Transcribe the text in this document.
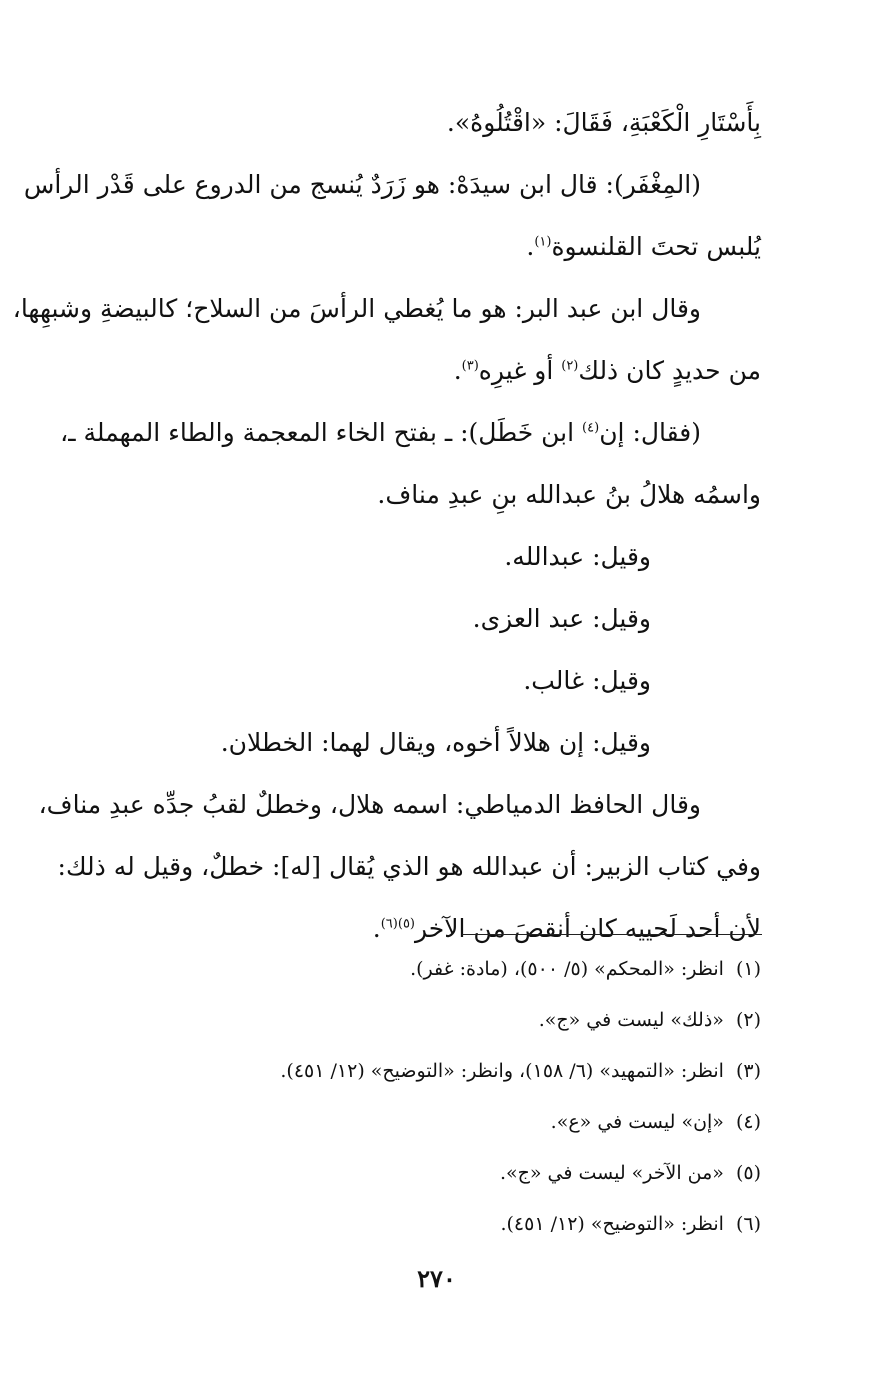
بِأَسْتَارِ الْكَعْبَةِ، فَقَالَ: «اقْتُلُوهُ».
(المِغْفَر): قال ابن سيدَهْ: هو زَرَدٌ يُنسج من الدروع على قَدْر الرأس
يُلبس تحتَ القلنسوة$^{(١)}$.
وقال ابن عبد البر: هو ما يُغطي الرأسَ من السلاح؛ كالبيضةِ وشبهِها،
من حديدٍ كان ذلك$^{(٢)}$ أو غيرِه$^{(٣)}$.
(فقال: إن$^{(٤)}$ ابن خَطَل): ـ بفتح الخاء المعجمة والطاء المهملة ـ،
واسمُه هلالُ بنُ عبدالله بنِ عبدِ مناف.
وقيل: عبدالله.
وقيل: عبد العزى.
وقيل: غالب.
وقيل: إن هلالاً أخوه، ويقال لهما: الخطلان.
وقال الحافظ الدمياطي: اسمه هلال، وخطلٌ لقبُ جدِّه عبدِ مناف،
وفي كتاب الزبير: أن عبدالله هو الذي يُقال [له]: خطلٌ، وقيل له ذلك:
لأن أحد لَحييه كان أنقصَ من الآخر$^{(٥)(٦)}$.
(١)انظر: «المحكم» (٥/ ٥٠٠)، (مادة: غفر).
(٢)«ذلك» ليست في «ج».
(٣)انظر: «التمهيد» (٦/ ١٥٨)، وانظر: «التوضيح» (١٢/ ٤٥١).
(٤)«إن» ليست في «ع».
(٥)«من الآخر» ليست في «ج».
(٦)انظر: «التوضيح» (١٢/ ٤٥١).
٢٧٠
